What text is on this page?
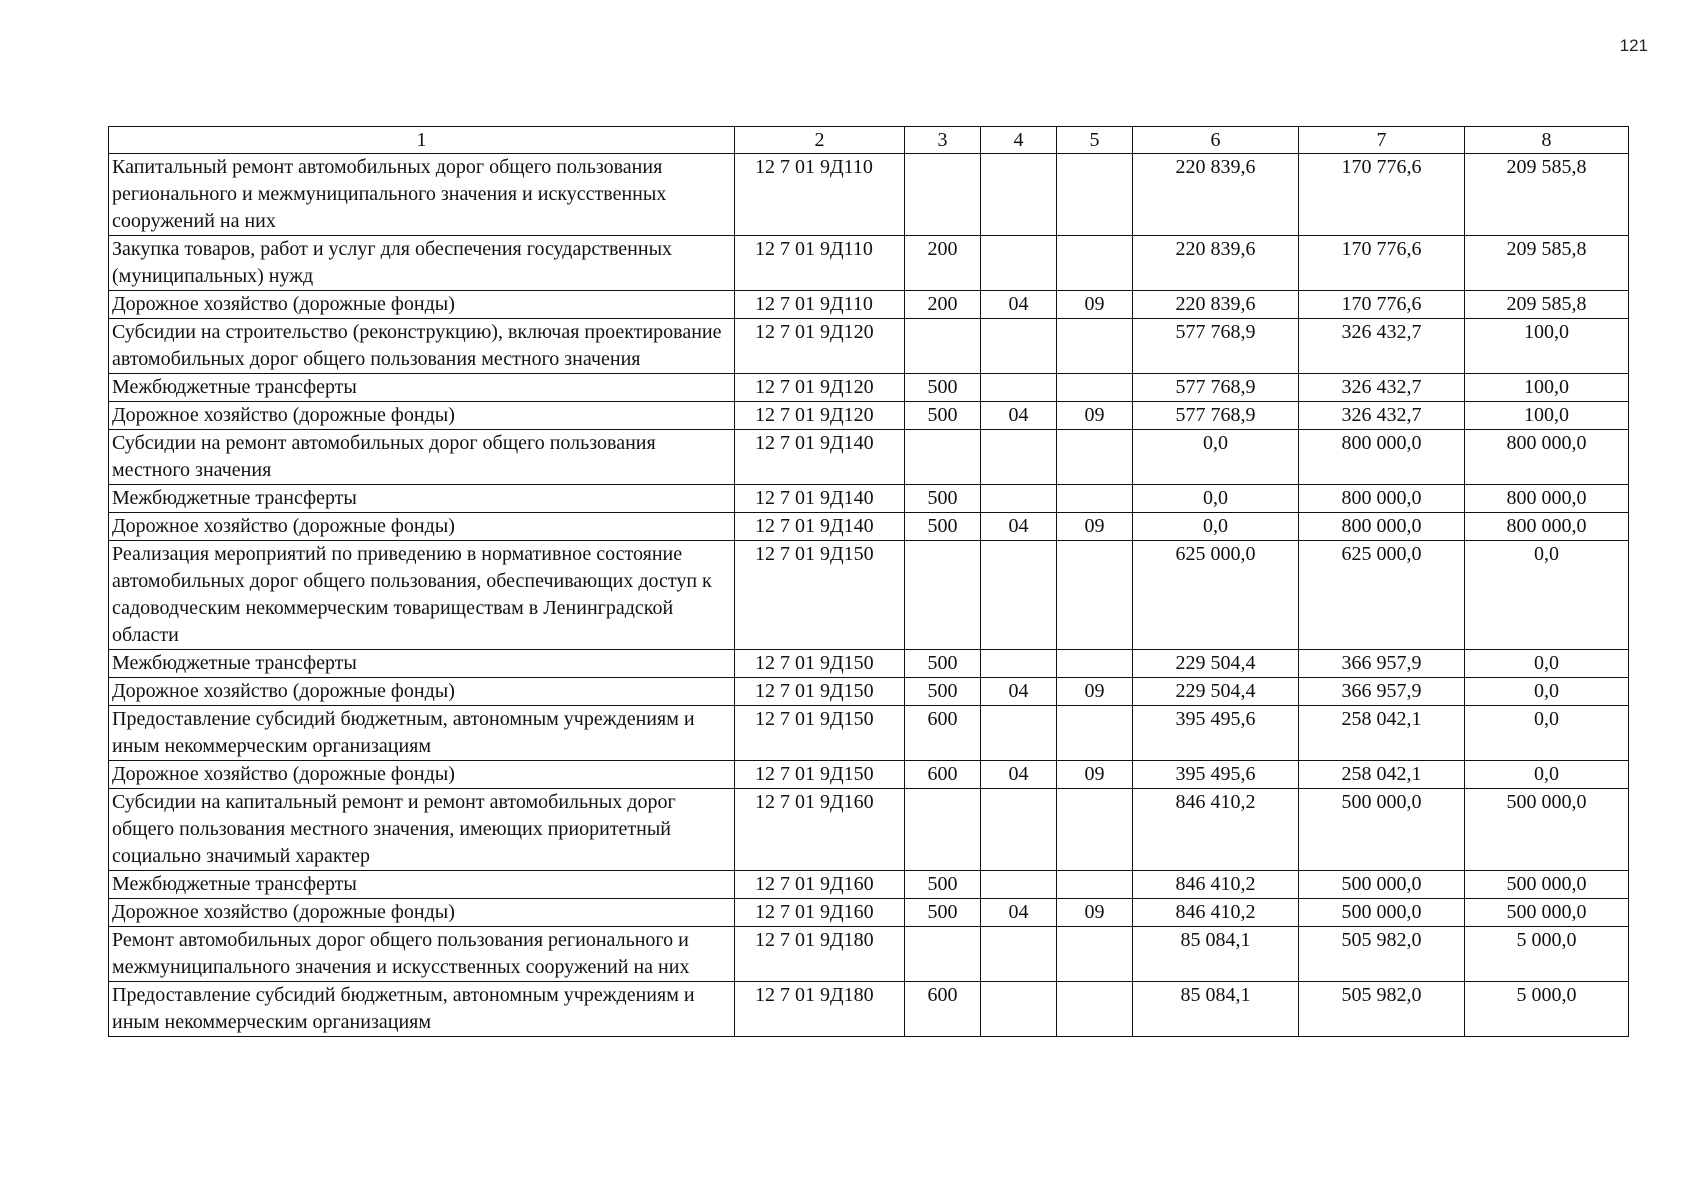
121
1	2	3	4	5	6	7	8
Капитальный ремонт автомобильных дорог общего пользования регионального и межмуниципального значения и искусственных сооружений на них	12 7 01 9Д110				220 839,6	170 776,6	209 585,8
Закупка товаров, работ и услуг для обеспечения государственных (муниципальных) нужд	12 7 01 9Д110	200			220 839,6	170 776,6	209 585,8
Дорожное хозяйство (дорожные фонды)	12 7 01 9Д110	200	04	09	220 839,6	170 776,6	209 585,8
Субсидии на строительство (реконструкцию), включая проектирование автомобильных дорог общего пользования местного значения	12 7 01 9Д120				577 768,9	326 432,7	100,0
Межбюджетные трансферты	12 7 01 9Д120	500			577 768,9	326 432,7	100,0
Дорожное хозяйство (дорожные фонды)	12 7 01 9Д120	500	04	09	577 768,9	326 432,7	100,0
Субсидии на ремонт автомобильных дорог общего пользования местного значения	12 7 01 9Д140				0,0	800 000,0	800 000,0
Межбюджетные трансферты	12 7 01 9Д140	500			0,0	800 000,0	800 000,0
Дорожное хозяйство (дорожные фонды)	12 7 01 9Д140	500	04	09	0,0	800 000,0	800 000,0
Реализация мероприятий по приведению в нормативное состояние автомобильных дорог общего пользования, обеспечивающих доступ к садоводческим некоммерческим товариществам в Ленинградской области	12 7 01 9Д150				625 000,0	625 000,0	0,0
Межбюджетные трансферты	12 7 01 9Д150	500			229 504,4	366 957,9	0,0
Дорожное хозяйство (дорожные фонды)	12 7 01 9Д150	500	04	09	229 504,4	366 957,9	0,0
Предоставление субсидий бюджетным, автономным учреждениям и иным некоммерческим организациям	12 7 01 9Д150	600			395 495,6	258 042,1	0,0
Дорожное хозяйство (дорожные фонды)	12 7 01 9Д150	600	04	09	395 495,6	258 042,1	0,0
Субсидии на капитальный ремонт и ремонт автомобильных дорог общего пользования местного значения, имеющих приоритетный социально значимый характер	12 7 01 9Д160				846 410,2	500 000,0	500 000,0
Межбюджетные трансферты	12 7 01 9Д160	500			846 410,2	500 000,0	500 000,0
Дорожное хозяйство (дорожные фонды)	12 7 01 9Д160	500	04	09	846 410,2	500 000,0	500 000,0
Ремонт автомобильных дорог общего пользования регионального и межмуниципального значения и искусственных сооружений на них	12 7 01 9Д180				85 084,1	505 982,0	5 000,0
Предоставление субсидий бюджетным, автономным учреждениям и иным некоммерческим организациям	12 7 01 9Д180	600			85 084,1	505 982,0	5 000,0
